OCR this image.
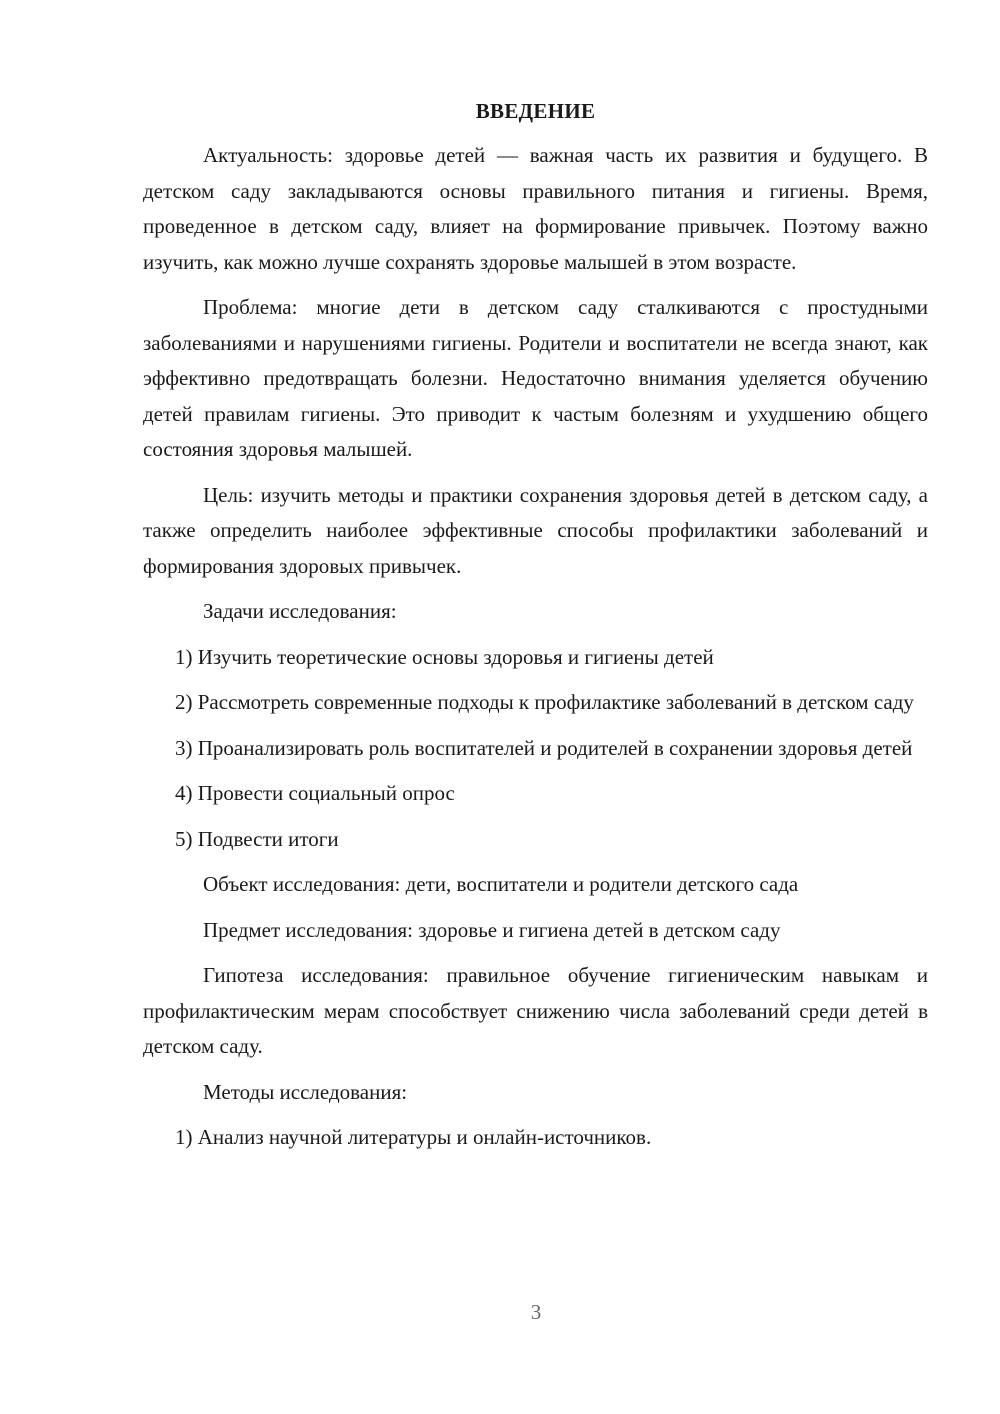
ВВЕДЕНИЕ

Актуальность: здоровье детей — важная часть их развития и будущего. В детском саду закладываются основы правильного питания и гигиены. Время, проведенное в детском саду, влияет на формирование привычек. Поэтому важно изучить, как можно лучше сохранять здоровье малышей в этом возрасте.

Проблема: многие дети в детском саду сталкиваются с простудными заболеваниями и нарушениями гигиены. Родители и воспитатели не всегда знают, как эффективно предотвращать болезни. Недостаточно внимания уделяется обучению детей правилам гигиены. Это приводит к частым болезням и ухудшению общего состояния здоровья малышей.

Цель: изучить методы и практики сохранения здоровья детей в детском саду, а также определить наиболее эффективные способы профилактики заболеваний и формирования здоровых привычек.

Задачи исследования:

1) Изучить теоретические основы здоровья и гигиены детей

2) Рассмотреть современные подходы к профилактике заболеваний в детском саду

3) Проанализировать роль воспитателей и родителей в сохранении здоровья детей

4) Провести социальный опрос

5) Подвести итоги

Объект исследования: дети, воспитатели и родители детского сада

Предмет исследования: здоровье и гигиена детей в детском саду

Гипотеза исследования: правильное обучение гигиеническим навыкам и профилактическим мерам способствует снижению числа заболеваний среди детей в детском саду.

Методы исследования:

1) Анализ научной литературы и онлайн-источников.

3
